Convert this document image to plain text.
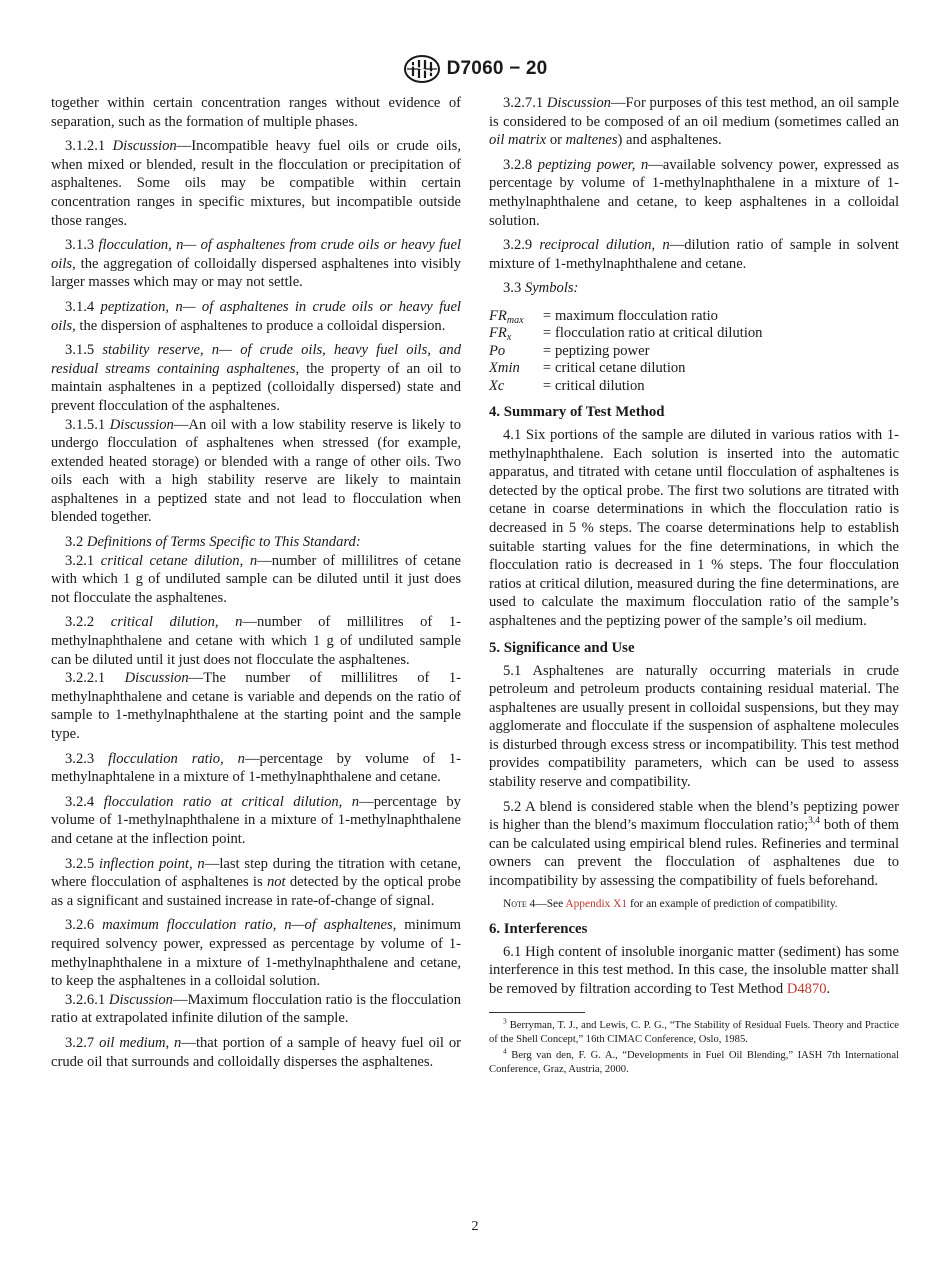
D7060 − 20

together within certain concentration ranges without evidence of separation, such as the formation of multiple phases.

3.1.2.1 Discussion—Incompatible heavy fuel oils or crude oils, when mixed or blended, result in the flocculation or precipitation of asphaltenes. Some oils may be compatible within certain concentration ranges in specific mixtures, but incompatible outside those ranges.

3.1.3 flocculation, n— of asphaltenes from crude oils or heavy fuel oils, the aggregation of colloidally dispersed asphaltenes into visibly larger masses which may or may not settle.

3.1.4 peptization, n— of asphaltenes in crude oils or heavy fuel oils, the dispersion of asphaltenes to produce a colloidal dispersion.

3.1.5 stability reserve, n— of crude oils, heavy fuel oils, and residual streams containing asphaltenes, the property of an oil to maintain asphaltenes in a peptized (colloidally dispersed) state and prevent flocculation of the asphaltenes.

3.1.5.1 Discussion—An oil with a low stability reserve is likely to undergo flocculation of asphaltenes when stressed (for example, extended heated storage) or blended with a range of other oils. Two oils each with a high stability reserve are likely to maintain asphaltenes in a peptized state and not lead to flocculation when blended together.

3.2 Definitions of Terms Specific to This Standard:

3.2.1 critical cetane dilution, n—number of millilitres of cetane with which 1 g of undiluted sample can be diluted until it just does not flocculate the asphaltenes.

3.2.2 critical dilution, n—number of millilitres of 1-methylnaphthalene and cetane with which 1 g of undiluted sample can be diluted until it just does not flocculate the asphaltenes.

3.2.2.1 Discussion—The number of millilitres of 1-methylnaphthalene and cetane is variable and depends on the ratio of sample to 1-methylnaphthalene at the starting point and the sample type.

3.2.3 flocculation ratio, n—percentage by volume of 1-methylnaphtalene in a mixture of 1-methylnaphthalene and cetane.

3.2.4 flocculation ratio at critical dilution, n—percentage by volume of 1-methylnaphthalene in a mixture of 1-methylnaphthalene and cetane at the inflection point.

3.2.5 inflection point, n—last step during the titration with cetane, where flocculation of asphaltenes is not detected by the optical probe as a significant and sustained increase in rate-of-change of signal.

3.2.6 maximum flocculation ratio, n—of asphaltenes, minimum required solvency power, expressed as percentage by volume of 1-methylnaphthalene in a mixture of 1-methylnaphthalene and cetane, to keep the asphaltenes in a colloidal solution.

3.2.6.1 Discussion—Maximum flocculation ratio is the flocculation ratio at extrapolated infinite dilution of the sample.

3.2.7 oil medium, n—that portion of a sample of heavy fuel oil or crude oil that surrounds and colloidally disperses the asphaltenes.

3.2.7.1 Discussion—For purposes of this test method, an oil sample is considered to be composed of an oil medium (sometimes called an oil matrix or maltenes) and asphaltenes.

3.2.8 peptizing power, n—available solvency power, expressed as percentage by volume of 1-methylnaphthalene in a mixture of 1-methylnaphthalene and cetane, to keep asphaltenes in a colloidal solution.

3.2.9 reciprocal dilution, n—dilution ratio of sample in solvent mixture of 1-methylnaphthalene and cetane.

3.3 Symbols:

$FR_{max}$	= maximum flocculation ratio
$FR_x$	= flocculation ratio at critical dilution
Po	= peptizing power
Xmin	= critical cetane dilution
Xc	= critical dilution
4. Summary of Test Method

4.1 Six portions of the sample are diluted in various ratios with 1-methylnaphthalene. Each solution is inserted into the automatic apparatus, and titrated with cetane until flocculation of asphaltenes is detected by the optical probe. The first two solutions are titrated with cetane in coarse determinations in which the flocculation ratio is decreased in 5 % steps. The coarse determinations help to establish suitable starting values for the fine determinations, in which the flocculation ratio is decreased in 1 % steps. The four flocculation ratios at critical dilution, measured during the fine determinations, are used to calculate the maximum flocculation ratio of the sample’s asphaltenes and the peptizing power of the sample’s oil medium.

5. Significance and Use

5.1 Asphaltenes are naturally occurring materials in crude petroleum and petroleum products containing residual material. The asphaltenes are usually present in colloidal suspensions, but they may agglomerate and flocculate if the suspension of asphaltene molecules is disturbed through excess stress or incompatibility. This test method provides compatibility parameters, which can be used to assess stability reserve and compatibility.

5.2 A blend is considered stable when the blend’s peptizing power is higher than the blend’s maximum flocculation ratio;$^{3,4}$ both of them can be calculated using empirical blend rules. Refineries and terminal owners can prevent the flocculation of asphaltenes due to incompatibility by assessing the compatibility of fuels beforehand.

Note 4—See Appendix X1 for an example of prediction of compatibility.
6. Interferences

6.1 High content of insoluble inorganic matter (sediment) has some interference in this test method. In this case, the insoluble matter shall be removed by filtration according to Test Method D4870.

$^3$ Berryman, T. J., and Lewis, C. P. G., “The Stability of Residual Fuels. Theory and Practice of the Shell Concept,” 16th CIMAC Conference, Oslo, 1985.
$^4$ Berg van den, F. G. A., “Developments in Fuel Oil Blending,” IASH 7th International Conference, Graz, Austria, 2000.
2
